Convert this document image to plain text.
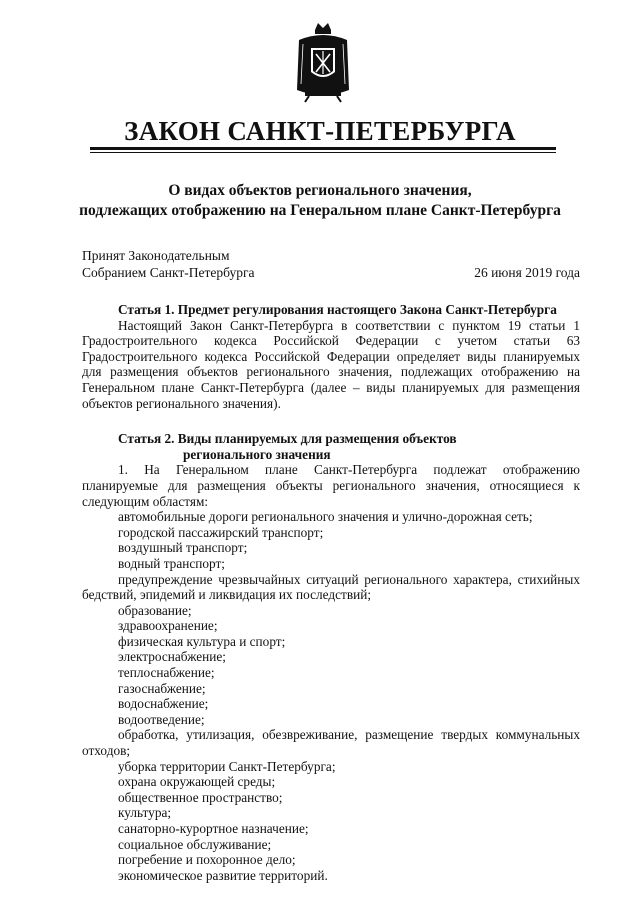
ЗАКОН САНКТ-ПЕТЕРБУРГА
О видах объектов регионального значения,
подлежащих отображению на Генеральном плане Санкт-Петербурга
Принят Законодательным
Собранием Санкт-Петербурга	26 июня 2019 года
Статья 1. Предмет регулирования настоящего Закона Санкт-Петербурга

Настоящий Закон Санкт-Петербурга в соответствии с пунктом 19 статьи 1 Градостроительного кодекса Российской Федерации с учетом статьи 63 Градостроительного кодекса Российской Федерации определяет виды планируемых для размещения объектов регионального значения, подлежащих отображению на Генеральном плане Санкт-Петербурга (далее – виды планируемых для размещения объектов регионального значения).

Статья 2. Виды планируемых для размещения объектов
регионального значения

1. На Генеральном плане Санкт-Петербурга подлежат отображению планируемые для размещения объекты регионального значения, относящиеся к следующим областям:

автомобильные дороги регионального значения и улично-дорожная сеть;
городской пассажирский транспорт;
воздушный транспорт;
водный транспорт;
предупреждение чрезвычайных ситуаций регионального характера, стихийных бедствий, эпидемий и ликвидация их последствий;
образование;
здравоохранение;
физическая культура и спорт;
электроснабжение;
теплоснабжение;
газоснабжение;
водоснабжение;
водоотведение;
обработка, утилизация, обезвреживание, размещение твердых коммунальных отходов;
уборка территории Санкт-Петербурга;
охрана окружающей среды;
общественное пространство;
культура;
санаторно-курортное назначение;
социальное обслуживание;
погребение и похоронное дело;
экономическое развитие территорий.
